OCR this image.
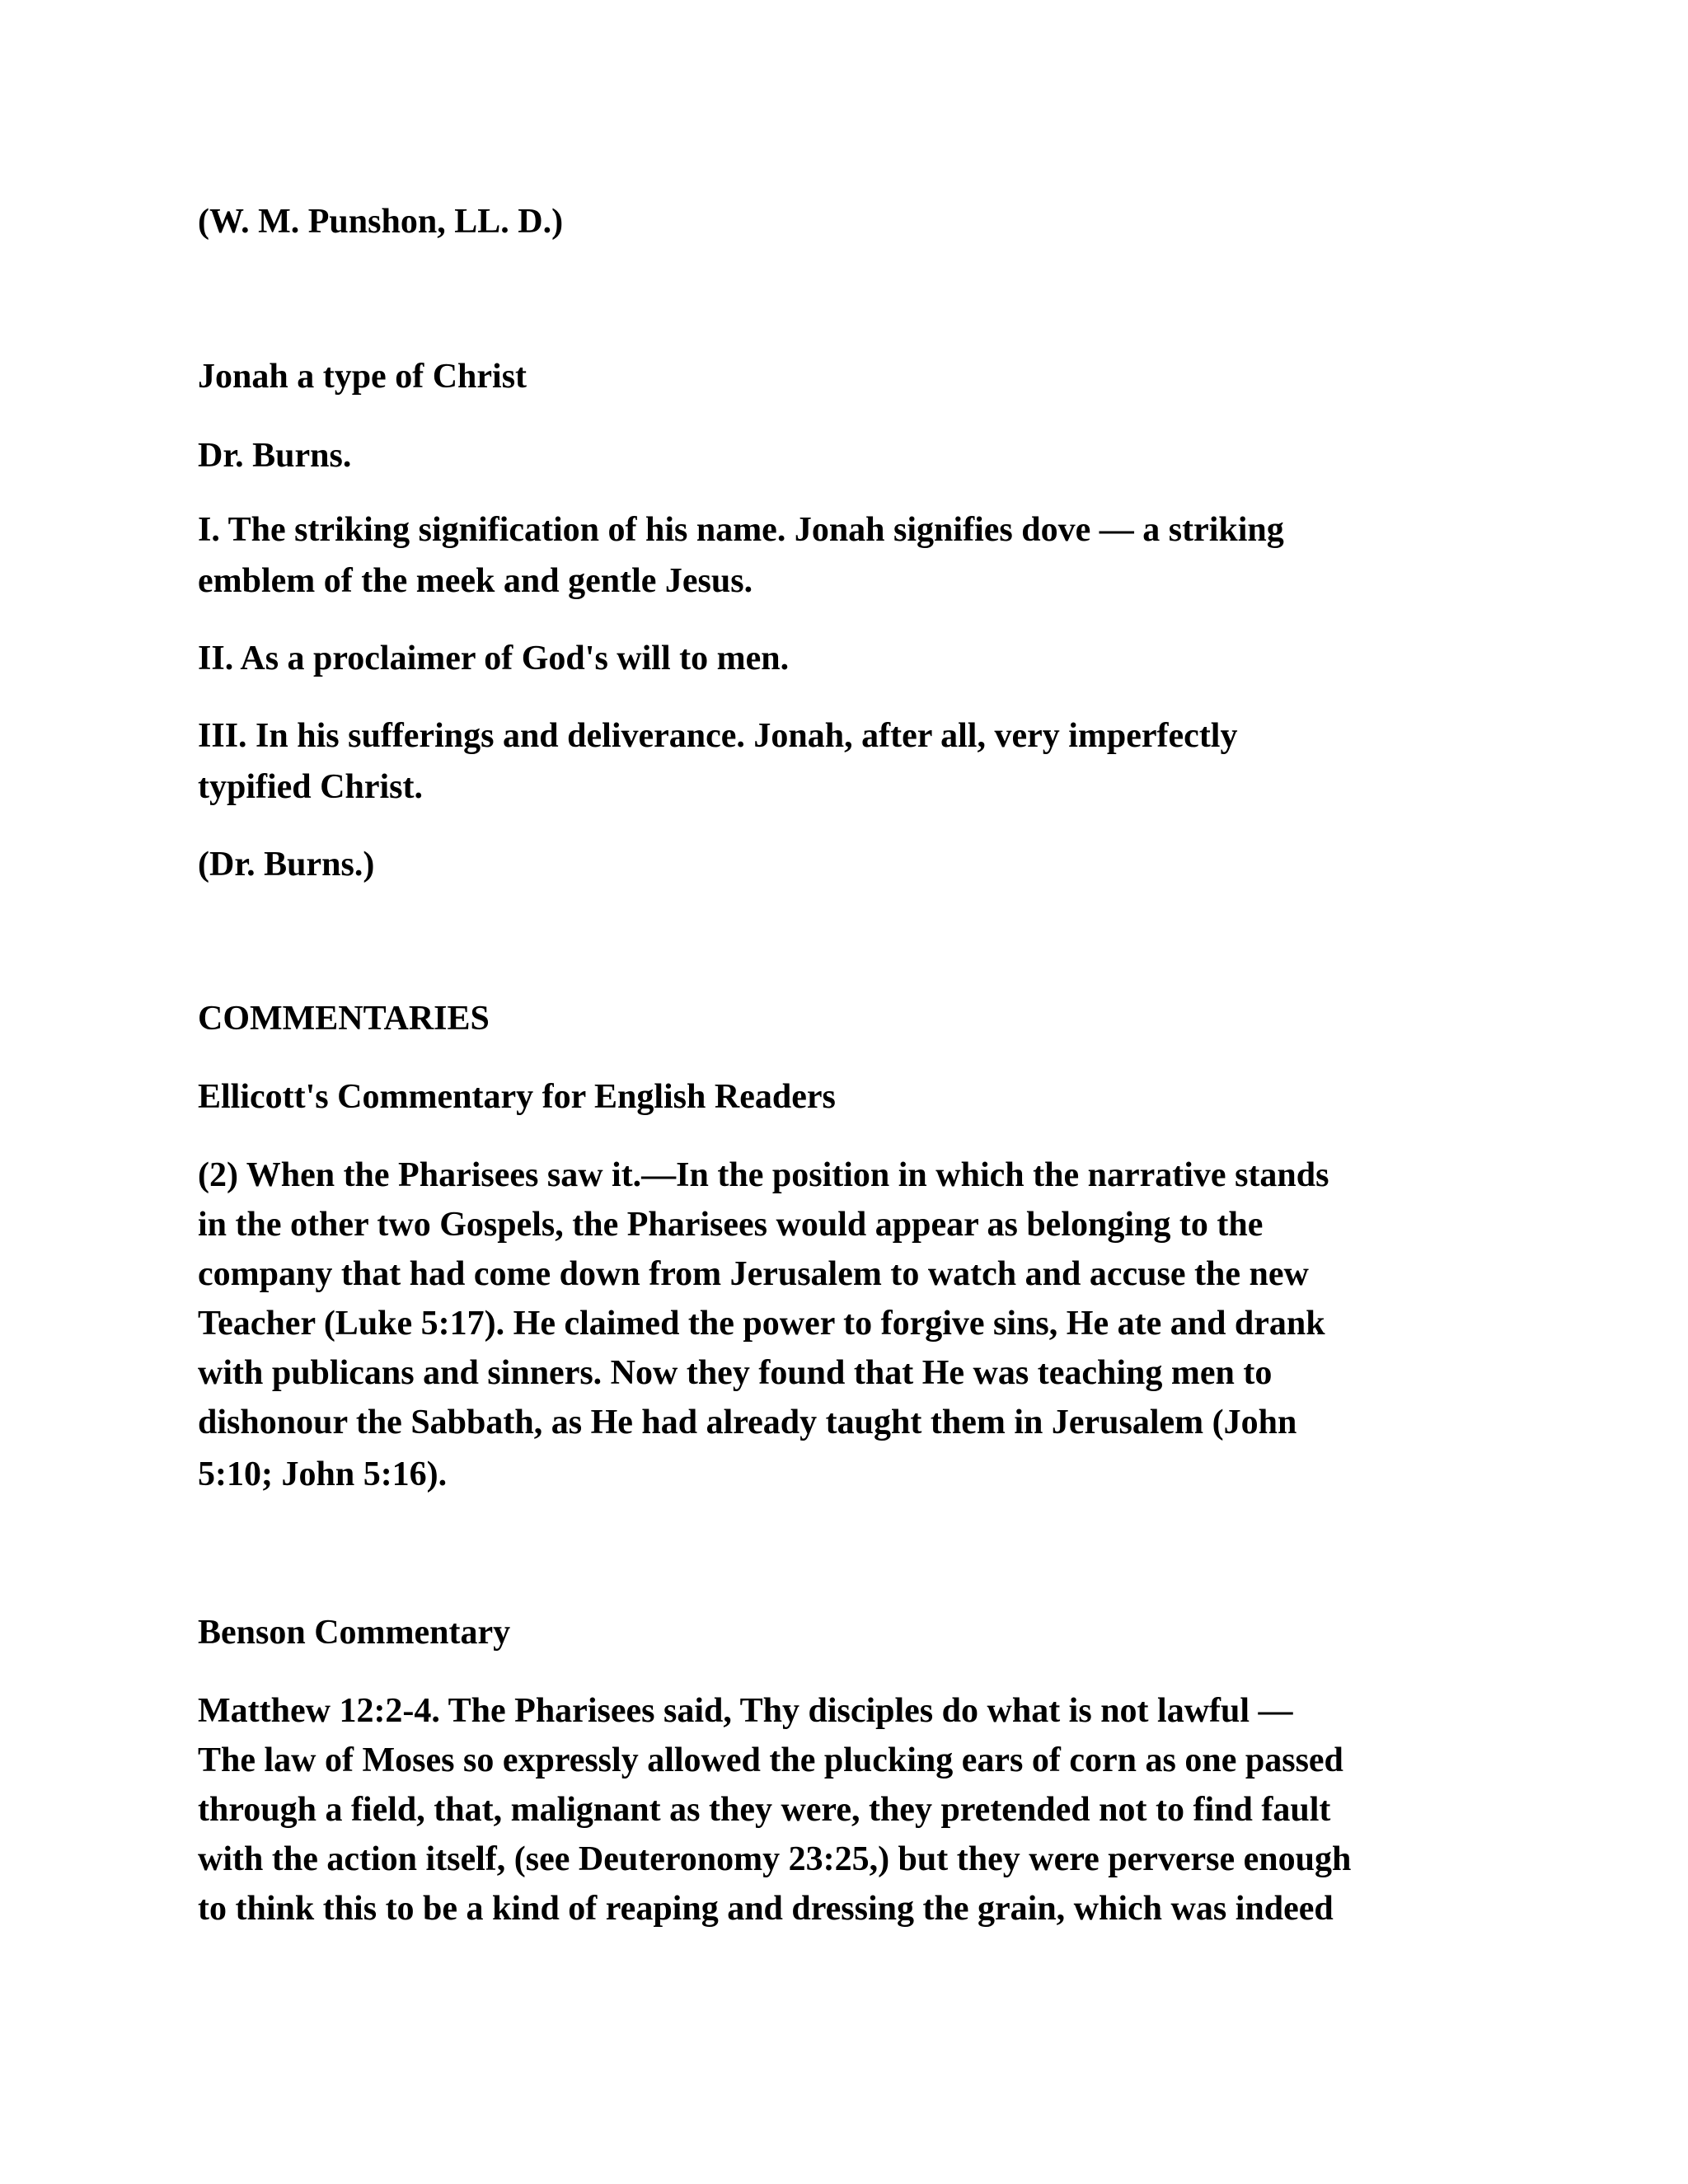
(W. M. Punshon, LL. D.)
Jonah a type of Christ
Dr. Burns.
I. The striking signification of his name. Jonah signifies dove — a striking
emblem of the meek and gentle Jesus.
II. As a proclaimer of God's will to men.
III. In his sufferings and deliverance. Jonah, after all, very imperfectly
typified Christ.
(Dr. Burns.)
COMMENTARIES
Ellicott's Commentary for English Readers
(2) When the Pharisees saw it.—In the position in which the narrative stands
in the other two Gospels, the Pharisees would appear as belonging to the
company that had come down from Jerusalem to watch and accuse the new
Teacher (Luke 5:17). He claimed the power to forgive sins, He ate and drank
with publicans and sinners. Now they found that He was teaching men to
dishonour the Sabbath, as He had already taught them in Jerusalem (John
5:10; John 5:16).
Benson Commentary
Matthew 12:2-4. The Pharisees said, Thy disciples do what is not lawful —
The law of Moses so expressly allowed the plucking ears of corn as one passed
through a field, that, malignant as they were, they pretended not to find fault
with the action itself, (see Deuteronomy 23:25,) but they were perverse enough
to think this to be a kind of reaping and dressing the grain, which was indeed
